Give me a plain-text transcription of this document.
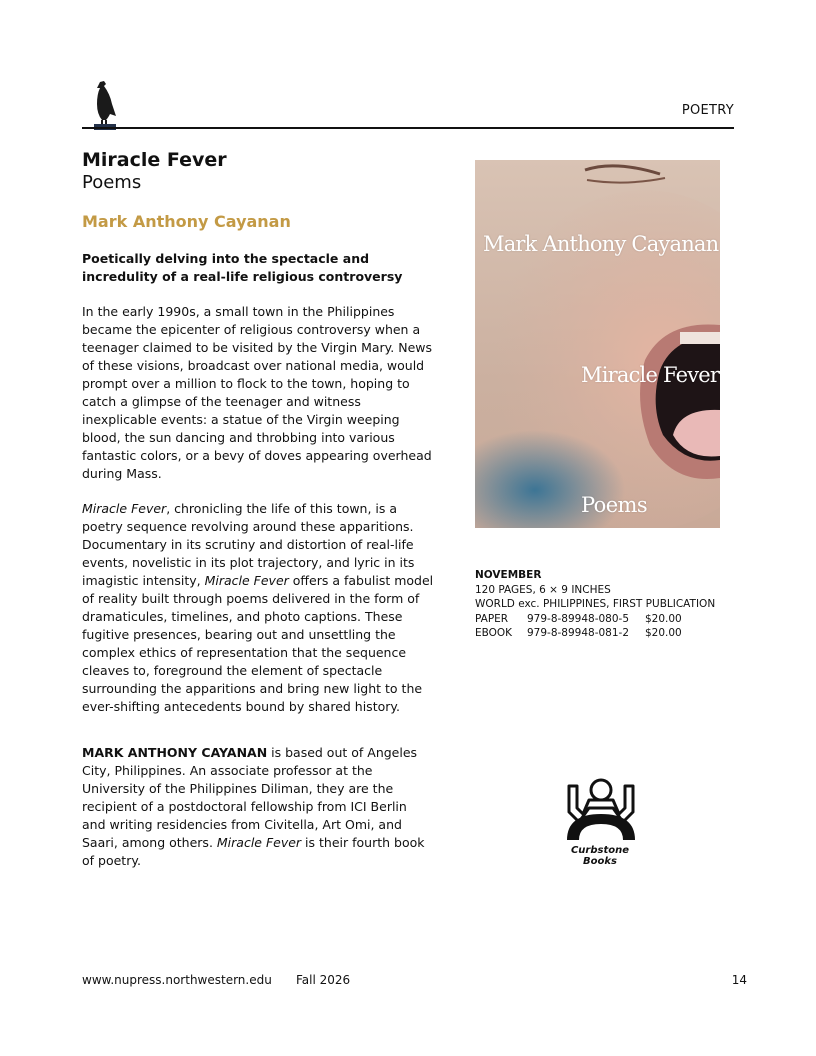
POETRY
Miracle Fever
Poems
Mark Anthony Cayanan
Poetically delving into the spectacle and incredulity of a real-life religious controversy

In the early 1990s, a small town in the Philippines became the epicenter of religious controversy when a teenager claimed to be visited by the Virgin Mary. News of these visions, broadcast over national media, would prompt over a million to flock to the town, hoping to catch a glimpse of the teenager and witness inexplicable events: a statue of the Virgin weeping blood, the sun dancing and throbbing into various fantastic colors, or a bevy of doves appearing overhead during Mass.

Miracle Fever, chronicling the life of this town, is a poetry sequence revolving around these apparitions. Documentary in its scrutiny and distortion of real-life events, novelistic in its plot trajectory, and lyric in its imagistic intensity, Miracle Fever offers a fabulist model of reality built through poems delivered in the form of dramaticules, timelines, and photo captions. These fugitive presences, bearing out and unsettling the complex ethics of representation that the sequence cleaves to, foreground the element of spectacle surrounding the apparitions and bring new light to the ever-shifting antecedents bound by shared history.

MARK ANTHONY CAYANAN is based out of Angeles City, Philippines. An associate professor at the University of the Philippines Diliman, they are the recipient of a postdoctoral fellowship from ICI Berlin and writing residencies from Civitella, Art Omi, and Saari, among others. Miracle Fever is their fourth book of poetry.

Mark Anthony Cayanan
Miracle Fever
Poems
NOVEMBER
120 PAGES, 6 × 9 INCHES
WORLD exc. PHILIPPINES, FIRST PUBLICATION
PAPER 979-8-89948-080-5 $20.00
EBOOK 979-8-89948-081-2 $20.00
Curbstone Books
www.nupress.northwestern.edu Fall 2026	14
